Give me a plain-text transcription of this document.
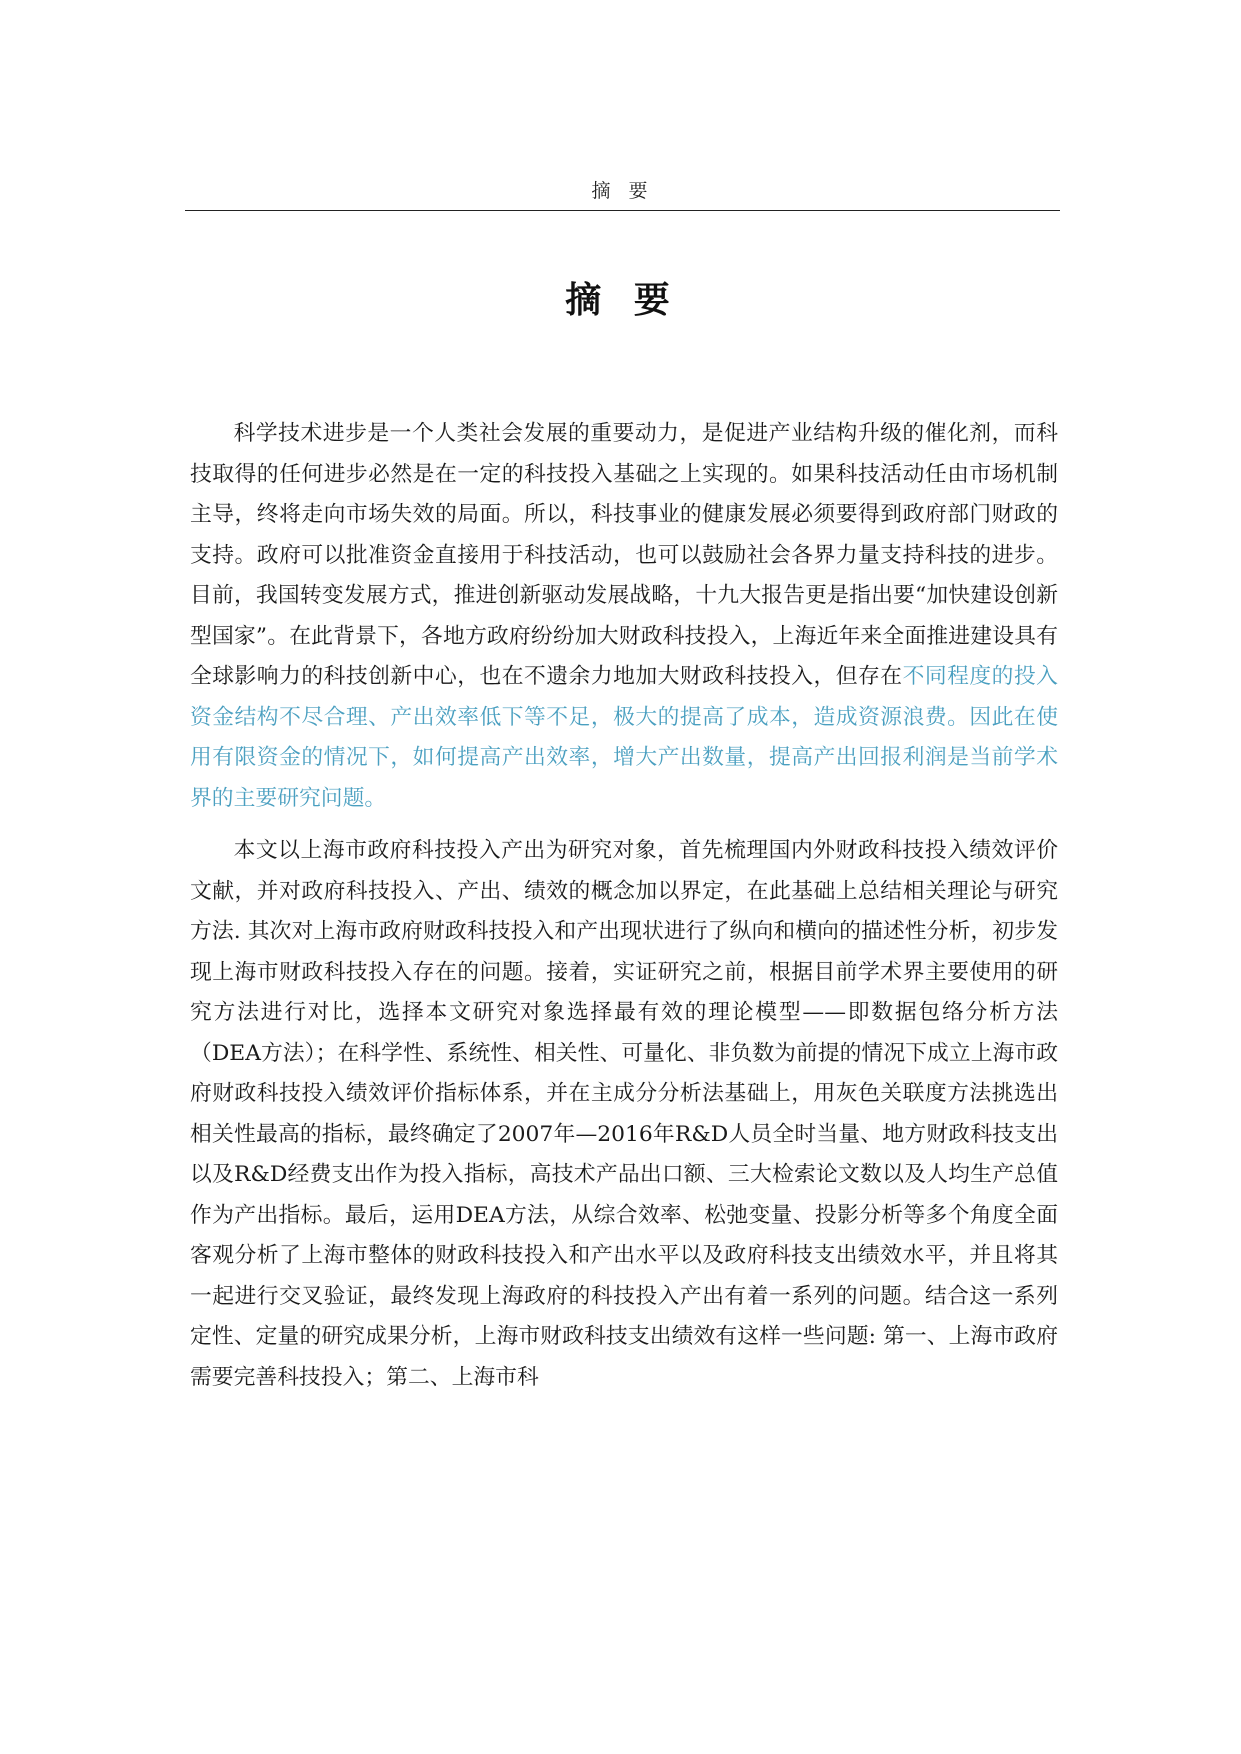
摘 要
摘 要

科学技术进步是一个人类社会发展的重要动力，是促进产业结构升级的催化剂，而科技取得的任何进步必然是在一定的科技投入基础之上实现的。如果科技活动任由市场机制主导，终将走向市场失效的局面。所以，科技事业的健康发展必须要得到政府部门财政的支持。政府可以批准资金直接用于科技活动，也可以鼓励社会各界力量支持科技的进步。目前，我国转变发展方式，推进创新驱动发展战略，十九大报告更是指出要“加快建设创新型国家”。在此背景下，各地方政府纷纷加大财政科技投入，上海近年来全面推进建设具有全球影响力的科技创新中心，也在不遗余力地加大财政科技投入，但存在不同程度的投入资金结构不尽合理、产出效率低下等不足，极大的提高了成本，造成资源浪费。因此在使用有限资金的情况下，如何提高产出效率，增大产出数量，提高产出回报利润是当前学术界的主要研究问题。

本文以上海市政府科技投入产出为研究对象，首先梳理国内外财政科技投入绩效评价文献，并对政府科技投入、产出、绩效的概念加以界定，在此基础上总结相关理论与研究方法. 其次对上海市政府财政科技投入和产出现状进行了纵向和横向的描述性分析，初步发现上海市财政科技投入存在的问题。接着，实证研究之前，根据目前学术界主要使用的研究方法进行对比，选择本文研究对象选择最有效的理论模型——即数据包络分析方法（DEA方法）；在科学性、系统性、相关性、可量化、非负数为前提的情况下成立上海市政府财政科技投入绩效评价指标体系，并在主成分分析法基础上，用灰色关联度方法挑选出相关性最高的指标，最终确定了2007年—2016年R&D人员全时当量、地方财政科技支出以及R&D经费支出作为投入指标，高技术产品出口额、三大检索论文数以及人均生产总值作为产出指标。最后，运用DEA方法，从综合效率、松弛变量、投影分析等多个角度全面客观分析了上海市整体的财政科技投入和产出水平以及政府科技支出绩效水平，并且将其一起进行交叉验证，最终发现上海政府的科技投入产出有着一系列的问题。结合这一系列定性、定量的研究成果分析，上海市财政科技支出绩效有这样一些问题: 第一、上海市政府需要完善科技投入；第二、上海市科
